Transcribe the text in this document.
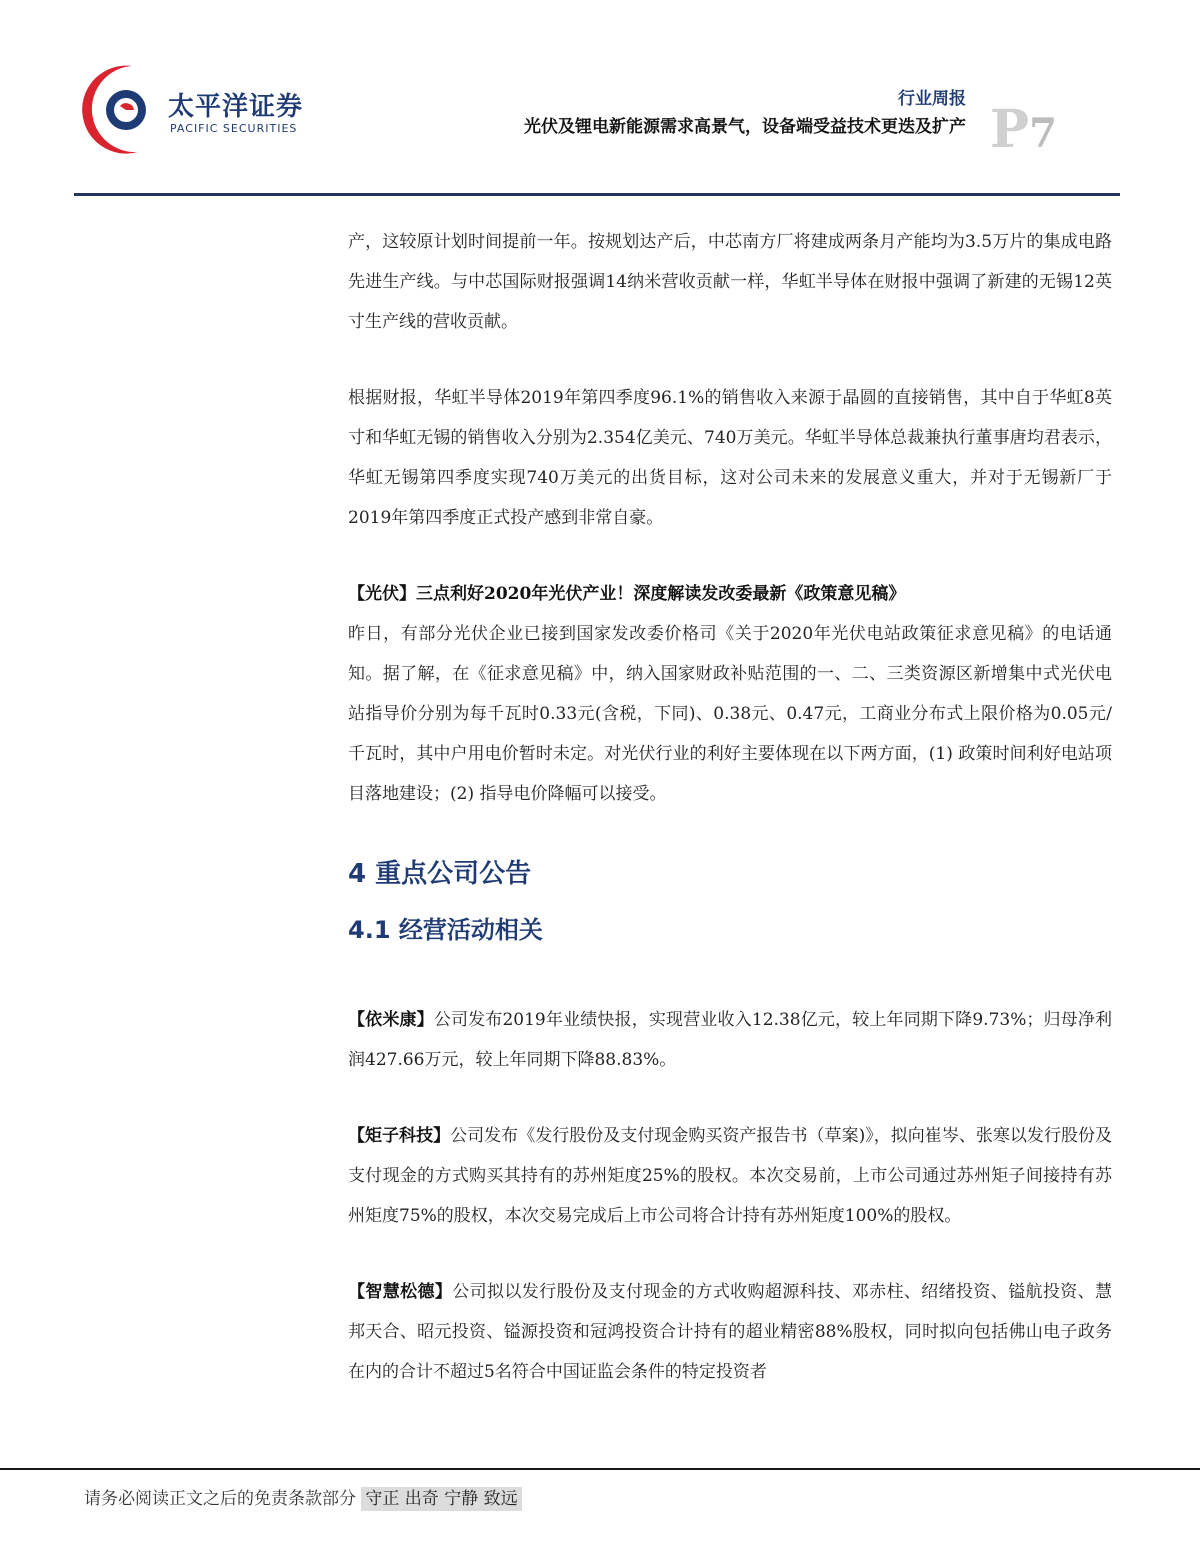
太平洋证券
PACIFIC SECURITIES
行业周报
光伏及锂电新能源需求高景气，设备端受益技术更迭及扩产 P7

产，这较原计划时间提前一年。按规划达产后，中芯南方厂将建成两条月产能均为3.5万片的集成电路先进生产线。与中芯国际财报强调14纳米营收贡献一样，华虹半导体在财报中强调了新建的无锡12英寸生产线的营收贡献。

根据财报，华虹半导体2019年第四季度96.1%的销售收入来源于晶圆的直接销售，其中自于华虹8英寸和华虹无锡的销售收入分别为2.354亿美元、740万美元。华虹半导体总裁兼执行董事唐均君表示，华虹无锡第四季度实现740万美元的出货目标，这对公司未来的发展意义重大，并对于无锡新厂于2019年第四季度正式投产感到非常自豪。

【光伏】三点利好2020年光伏产业！深度解读发改委最新《政策意见稿》

昨日，有部分光伏企业已接到国家发改委价格司《关于2020年光伏电站政策征求意见稿》的电话通知。据了解，在《征求意见稿》中，纳入国家财政补贴范围的一、二、三类资源区新增集中式光伏电站指导价分别为每千瓦时0.33元(含税，下同)、0.38元、0.47元，工商业分布式上限价格为0.05元/千瓦时，其中户用电价暂时未定。对光伏行业的利好主要体现在以下两方面，(1) 政策时间利好电站项目落地建设；(2) 指导电价降幅可以接受。

4 重点公司公告
4.1 经营活动相关

【依米康】公司发布2019年业绩快报，实现营业收入12.38亿元，较上年同期下降9.73%；归母净利润427.66万元，较上年同期下降88.83%。

【矩子科技】公司发布《发行股份及支付现金购买资产报告书（草案)》，拟向崔岑、张寒以发行股份及支付现金的方式购买其持有的苏州矩度25%的股权。本次交易前，上市公司通过苏州矩子间接持有苏州矩度75%的股权，本次交易完成后上市公司将合计持有苏州矩度100%的股权。

【智慧松德】公司拟以发行股份及支付现金的方式收购超源科技、邓赤柱、绍绪投资、镒航投资、慧邦天合、昭元投资、镒源投资和冠鸿投资合计持有的超业精密88%股权，同时拟向包括佛山电子政务在内的合计不超过5名符合中国证监会条件的特定投资者

请务必阅读正文之后的免责条款部分 守正 出奇 宁静 致远
